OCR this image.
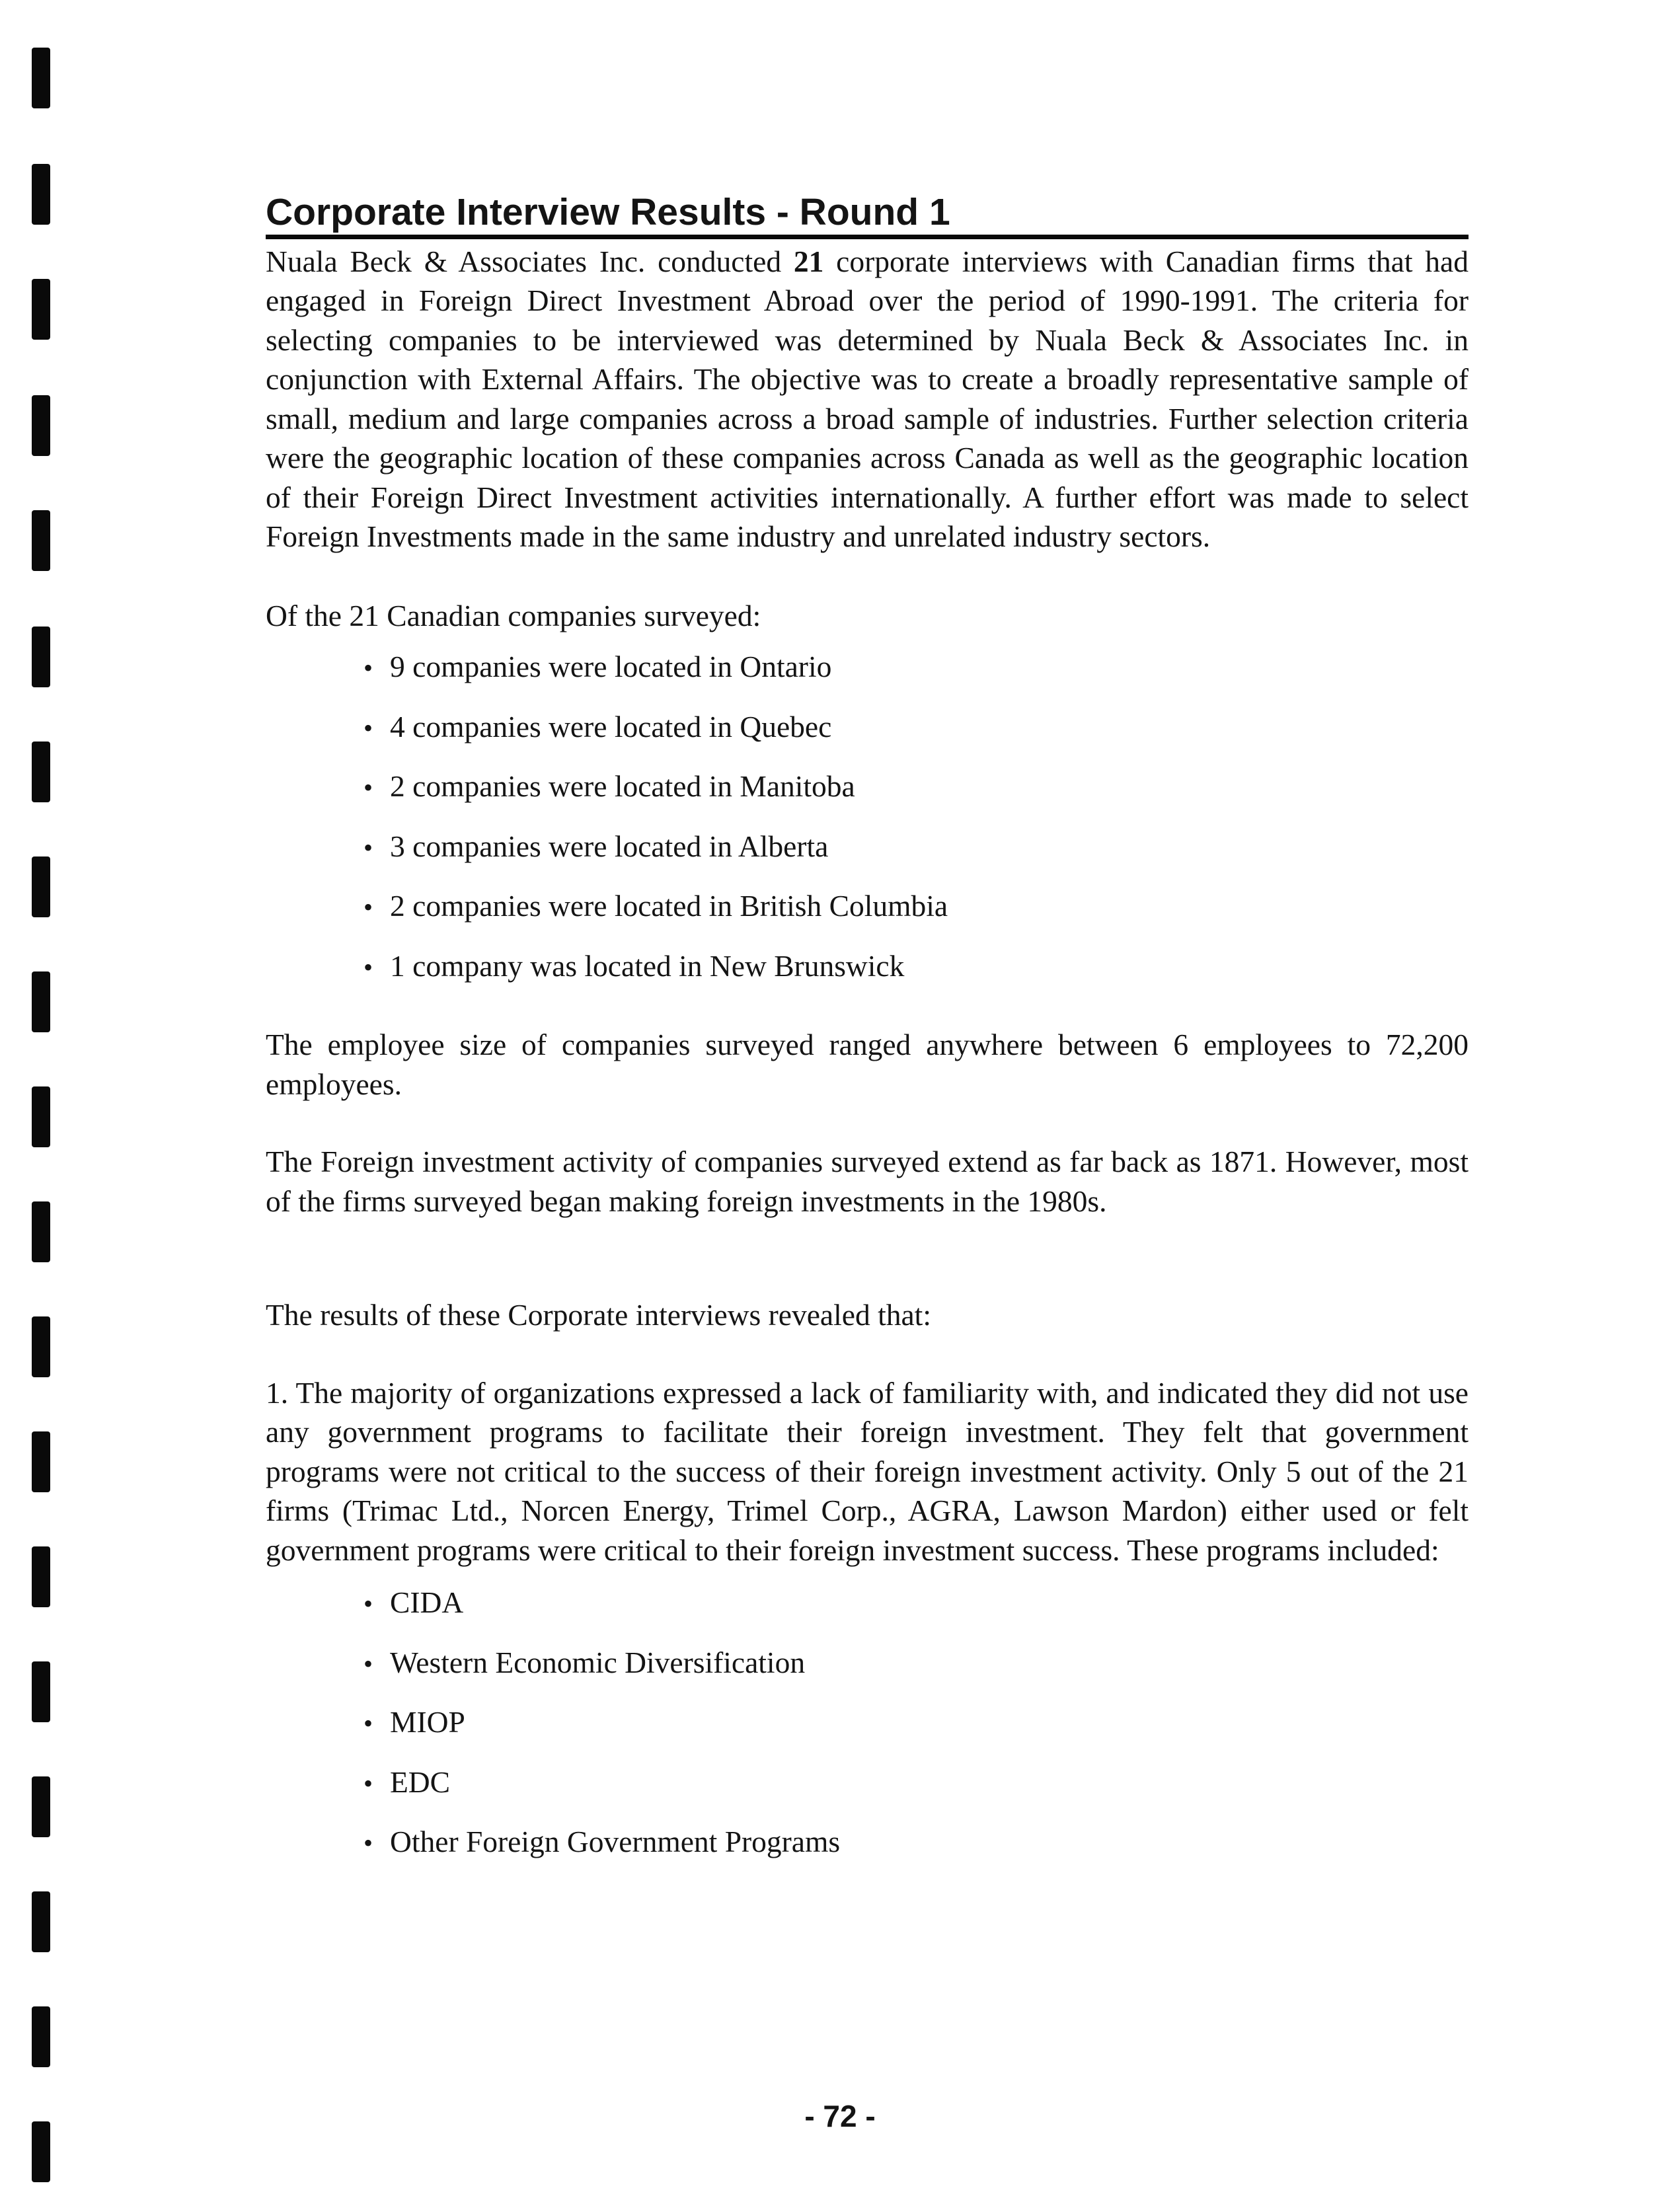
Corporate Interview Results - Round 1

Nuala Beck & Associates Inc. conducted 21 corporate interviews with Canadian firms that had engaged in Foreign Direct Investment Abroad over the period of 1990-1991. The criteria for selecting companies to be interviewed was determined by Nuala Beck & Associates Inc. in conjunction with External Affairs. The objective was to create a broadly representative sample of small, medium and large companies across a broad sample of industries. Further selection criteria were the geographic location of these companies across Canada as well as the geographic location of their Foreign Direct Investment activities internationally. A further effort was made to select Foreign Investments made in the same industry and unrelated industry sectors.

Of the 21 Canadian companies surveyed:

• 9 companies were located in Ontario
• 4 companies were located in Quebec
• 2 companies were located in Manitoba
• 3 companies were located in Alberta
• 2 companies were located in British Columbia
• 1 company was located in New Brunswick

The employee size of companies surveyed ranged anywhere between 6 employees to 72,200 employees.

The Foreign investment activity of companies surveyed extend as far back as 1871. However, most of the firms surveyed began making foreign investments in the 1980s.

The results of these Corporate interviews revealed that:

1. The majority of organizations expressed a lack of familiarity with, and indicated they did not use any government programs to facilitate their foreign investment. They felt that government programs were not critical to the success of their foreign investment activity. Only 5 out of the 21 firms (Trimac Ltd., Norcen Energy, Trimel Corp., AGRA, Lawson Mardon) either used or felt government programs were critical to their foreign investment success. These programs included:

• CIDA
• Western Economic Diversification
• MIOP
• EDC
• Other Foreign Government Programs
- 72 -
